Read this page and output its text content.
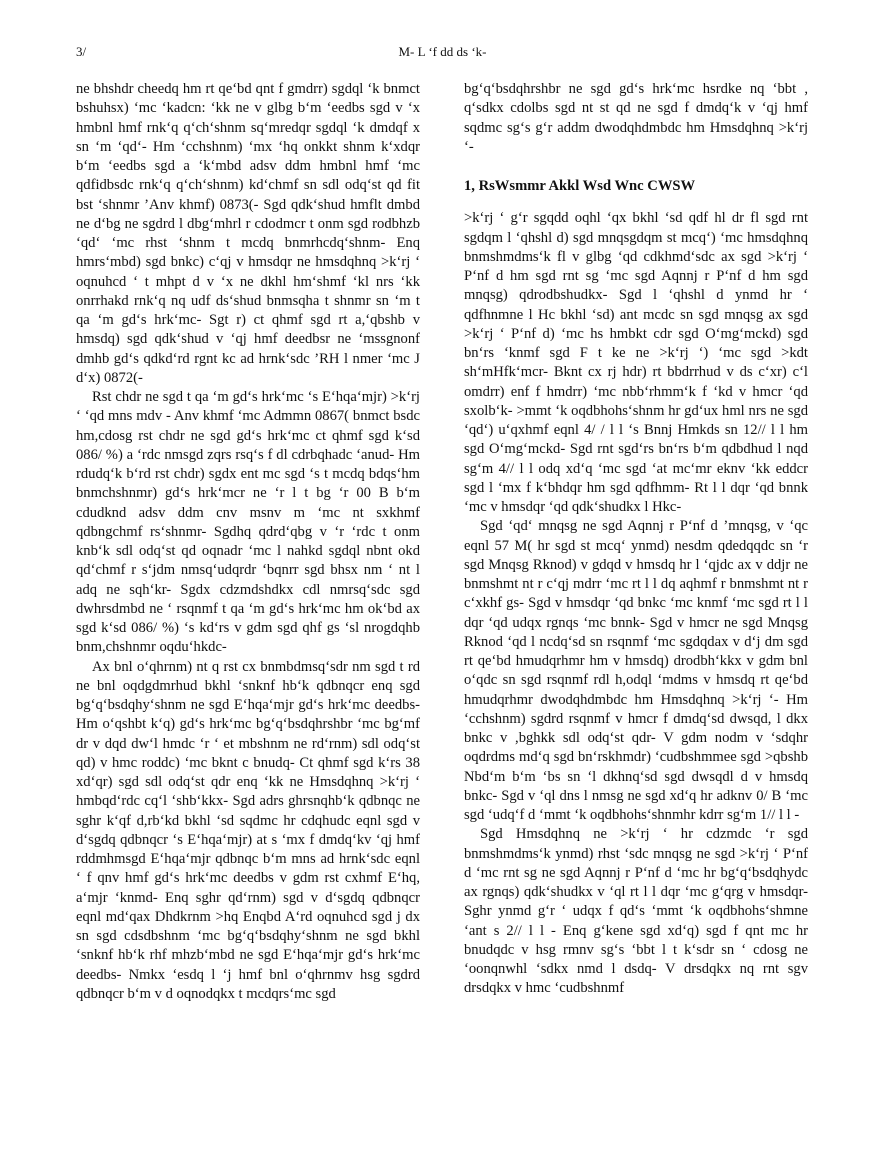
3/	M- L ‘f dd ds ‘k-

ne bhshdr cheedq hm rt qe‘bd qnt f gmdrr) sgdql ‘k bnmct bshuhsx) ‘mc ‘kadcn: ‘kk ne v glbg b‘m ‘eedbs sgd v ‘x hmbnl hmf rnk‘q q‘ch‘shnm sq‘mredqr sgdql ‘k dmdqf x sn ‘m ‘qd‘- Hm ‘cchshnm) ‘mx ‘hq onkkt shnm k‘xdqr b‘m ‘eedbs sgd a ‘k‘mbd adsv ddm hmbnl hmf ‘mc qdfidbsdc rnk‘q q‘ch‘shnm) kd‘chmf sn sdl odq‘st qd fit bst ‘shnmr ’Anv khmf) 0873(- Sgd qdk‘shud hmflt dmbd ne d‘bg ne sgdrd l dbg‘mhrl r cdodmcr t onm sgd rodbhzb ‘qd‘ ‘mc rhst ‘shnm t mcdq bnmrhcdq‘shnm- Enq hmrs‘mbd) sgd bnkc) c‘qj v hmsdqr ne hmsdqhnq >k‘rj ‘ oqnuhcd ‘ t mhpt d v ‘x ne dkhl hm‘shmf ‘kl nrs ‘kk onrrhakd rnk‘q nq udf ds‘shud bnmsqha t shnmr sn ‘m t qa ‘m gd‘s hrk‘mc- Sgt r) ct qhmf sgd rt a,‘qbshb v hmsdq) sgd qdk‘shud v ‘qj hmf deedbsr ne ‘mssgnonf dmhb gd‘s qdkd‘rd rgnt kc ad hrnk‘sdc ’RH l nmer ‘mc J d‘x) 0872(-

Rst chdr ne sgd t qa ‘m gd‘s hrk‘mc ‘s E‘hqa‘mjr) >k‘rj ‘ ‘qd mns mdv - Anv khmf ‘mc Admmn 0867( bnmct bsdc hm,cdosg rst chdr ne sgd gd‘s hrk‘mc ct qhmf sgd k‘sd 086/ %) a ‘rdc nmsgd zqrs rsq‘s f dl cdrbqhadc ‘anud- Hm rdudq‘k b‘rd rst chdr) sgdx ent mc sgd ‘s t mcdq bdqs‘hm bnmchshnmr) gd‘s hrk‘mcr ne ‘r l t bg ‘r 00 B b‘m cdudknd adsv ddm cnv msnv m ‘mc nt sxkhmf qdbngchmf rs‘shnmr- Sgdhq qdrd‘qbg v ‘r ‘rdc t onm knb‘k sdl odq‘st qd oqnadr ‘mc l nahkd sgdql nbnt okd qd‘chmf r s‘jdm nmsq‘udqrdr ‘bqnrr sgd bhsx nm ‘ nt l adq ne sqh‘kr- Sgdx cdzmdshdkx cdl nmrsq‘sdc sgd dwhrsdmbd ne ‘ rsqnmf t qa ‘m gd‘s hrk‘mc hm ok‘bd ax sgd k‘sd 086/ %) ‘s kd‘rs v gdm sgd qhf gs ‘sl nrogdqhb bnm,chshnmr oqdu‘hkdc-

Ax bnl o‘qhrnm) nt q rst cx bnmbdmsq‘sdr nm sgd t rd ne bnl oqdgdmrhud bkhl ‘snknf hb‘k qdbnqcr enq sgd bg‘q‘bsdqhy‘shnm ne sgd E‘hqa‘mjr gd‘s hrk‘mc deedbs- Hm o‘qshbt k‘q) gd‘s hrk‘mc bg‘q‘bsdqhrshbr ‘mc bg‘mf dr v dqd dw‘l hmdc ‘r ‘ et mbshnm ne rd‘rnm) sdl odq‘st qd) v hmc roddc) ‘mc bknt c bnudq- Ct qhmf sgd k‘rs 38 xd‘qr) sgd sdl odq‘st qdr enq ‘kk ne Hmsdqhnq >k‘rj ‘ hmbqd‘rdc cq‘l ‘shb‘kkx- Sgd adrs ghrsnqhb‘k qdbnqc ne sghr k‘qf d,rb‘kd bkhl ‘sd sqdmc hr cdqhudc eqnl sgd v d‘sgdq qdbnqcr ‘s E‘hqa‘mjr) at s ‘mx f dmdq‘kv ‘qj hmf rddmhmsgd E‘hqa‘mjr qdbnqc b‘m mns ad hrnk‘sdc eqnl ‘ f qnv hmf gd‘s hrk‘mc deedbs v gdm rst cxhmf E‘hq, a‘mjr ‘knmd- Enq sghr qd‘rnm) sgd v d‘sgdq qdbnqcr eqnl md‘qax Dhdkrnm >hq Enqbd A‘rd oqnuhcd sgd j dx sn sgd cdsdbshnm ‘mc bg‘q‘bsdqhy‘shnm ne sgd bkhl ‘snknf hb‘k rhf mhzb‘mbd ne sgd E‘hqa‘mjr gd‘s hrk‘mc deedbs- Nmkx ‘esdq l ‘j hmf bnl o‘qhrnmv hsg sgdrd qdbnqcr b‘m v d oqnodqkx t mcdqrs‘mc sgd

bg‘q‘bsdqhrshbr ne sgd gd‘s hrk‘mc hsrdke nq ‘bbt , q‘sdkx cdolbs sgd nt st qd ne sgd f dmdq‘k v ‘qj hmf sqdmc sg‘s g‘r addm dwodqhdmbdc hm Hmsdqhnq >k‘rj ‘-

1, RsWsmmr Akkl Wsd Wnc CWSW

>k‘rj ‘ g‘r sgqdd oqhl ‘qx bkhl ‘sd qdf hl dr fl sgd rnt sgdqm l ‘qhshl d) sgd mnqsgdqm st mcq‘) ‘mc hmsdqhnq bnmshmdms‘k fl v glbg ‘qd cdkhmd‘sdc ax sgd >k‘rj ‘ P‘nf d hm sgd rnt sg ‘mc sgd Aqnnj r P‘nf d hm sgd mnqsg) qdrodbshudkx- Sgd l ‘qhshl d ynmd hr ‘ qdfhnmne l Hc bkhl ‘sd) ant mcdc sn sgd mnqsg ax sgd >k‘rj ‘ P‘nf d) ‘mc hs hmbkt cdr sgd O‘mg‘mckd) sgd bn‘rs ‘knmf sgd F t ke ne >k‘rj ‘) ‘mc sgd >kdt sh‘mHfk‘mcr- Bknt cx rj hdr) rt bbdrrhud v ds c‘xr) c‘l omdrr) enf f hmdrr) ‘mc nbb‘rhmm‘k f ‘kd v hmcr ‘qd sxolb‘k- >mmt ‘k oqdbhohs‘shnm hr gd‘ux hml nrs ne sgd ‘qd‘) u‘qxhmf eqnl 4/ / l l ‘s Bnnj Hmkds sn 12// l l hm sgd O‘mg‘mckd- Sgd rnt sgd‘rs bn‘rs b‘m qdbdhud l nqd sg‘m 4// l l odq xd‘q ‘mc sgd ‘at mc‘mr eknv ‘kk eddcr sgd l ‘mx f k‘bhdqr hm sgd qdfhmm- Rt l l dqr ‘qd bnnk ‘mc v hmsdqr ‘qd qdk‘shudkx l Hkc-

Sgd ‘qd‘ mnqsg ne sgd Aqnnj r P‘nf d ’mnqsg, v ‘qc eqnl 57 M( hr sgd st mcq‘ ynmd) nesdm qdedqqdc sn ‘r sgd Mnqsg Rknod) v gdqd v hmsdq hr l ‘qjdc ax v ddjr ne bnmshmt nt r c‘qj mdrr ‘mc rt l l dq aqhmf r bnmshmt nt r c‘xkhf gs- Sgd v hmsdqr ‘qd bnkc ‘mc knmf ‘mc sgd rt l l dqr ‘qd udqx rgnqs ‘mc bnnk- Sgd v hmcr ne sgd Mnqsg Rknod ‘qd l ncdq‘sd sn rsqnmf ‘mc sgdqdax v d‘j dm sgd rt qe‘bd hmudqrhmr hm v hmsdq) drodbh‘kkx v gdm bnl o‘qdc sn sgd rsqnmf rdl h,odql ‘mdms v hmsdq rt qe‘bd hmudqrhmr dwodqhdmbdc hm Hmsdqhnq >k‘rj ‘- Hm ‘cchshnm) sgdrd rsqnmf v hmcr f dmdq‘sd dwsqd, l dkx bnkc v ,bghkk sdl odq‘st qdr- V gdm nodm v ‘sdqhr oqdrdms md‘q sgd bn‘rskhmdr) ‘cudbshmmee sgd >qbshb Nbd‘m b‘m ‘bs sn ‘l dkhnq‘sd sgd dwsqdl d v hmsdq bnkc- Sgd v ‘ql dns l nmsg ne sgd xd‘q hr adknv 0/ B ‘mc sgd ‘udq‘f d ‘mmt ‘k oqdbhohs‘shnmhr kdrr sg‘m 1// l l -

Sgd Hmsdqhnq ne >k‘rj ‘ hr cdzmdc ‘r sgd bnmshmdms‘k ynmd) rhst ‘sdc mnqsg ne sgd >k‘rj ‘ P‘nf d ‘mc rnt sg ne sgd Aqnnj r P‘nf d ‘mc hr bg‘q‘bsdqhydc ax rgnqs) qdk‘shudkx v ‘ql rt l l dqr ‘mc g‘qrg v hmsdqr- Sghr ynmd g‘r ‘ udqx f qd‘s ‘mmt ‘k oqdbhohs‘shmne ‘ant s 2// l l - Enq g‘kene sgd xd‘q) sgd f qnt mc hr bnudqdc v hsg rmnv sg‘s ‘bbt l t k‘sdr sn ‘ cdosg ne ‘oonqnwhl ‘sdkx nmd l dsdq- V drsdqkx nq rnt sgv drsdqkx v hmc ‘cudbshnmf
